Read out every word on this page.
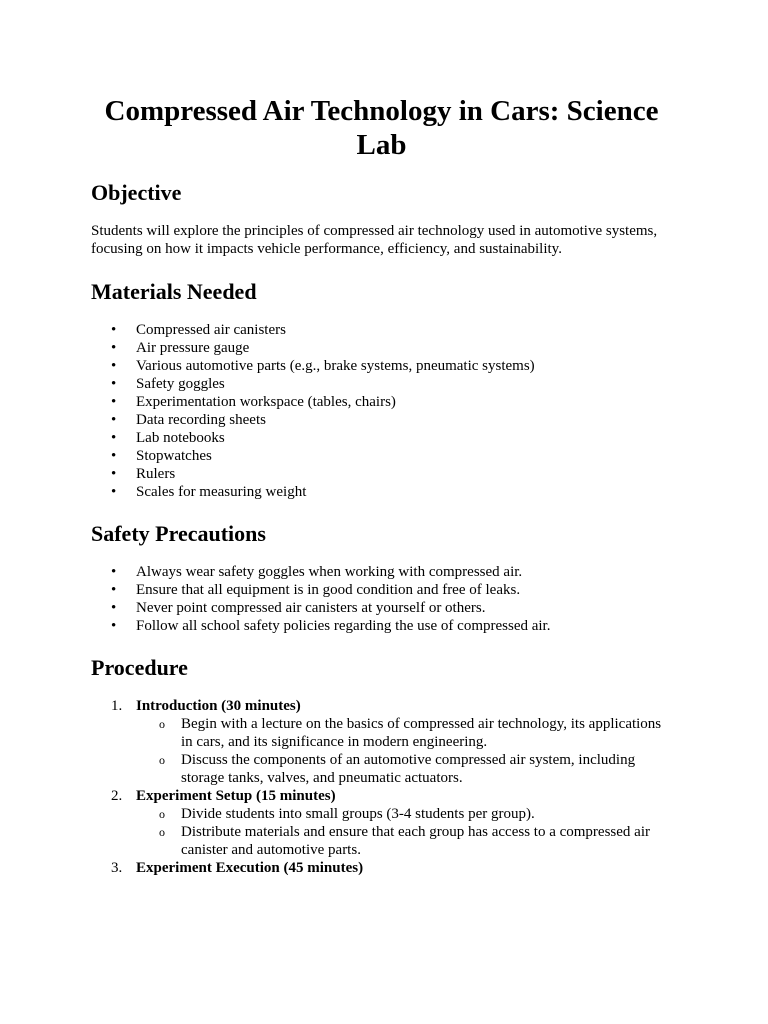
Compressed Air Technology in Cars: Science Lab
Objective

Students will explore the principles of compressed air technology used in automotive systems, focusing on how it impacts vehicle performance, efficiency, and sustainability.

Materials Needed
• Compressed air canisters
• Air pressure gauge
• Various automotive parts (e.g., brake systems, pneumatic systems)
• Safety goggles
• Experimentation workspace (tables, chairs)
• Data recording sheets
• Lab notebooks
• Stopwatches
• Rulers
• Scales for measuring weight
Safety Precautions
• Always wear safety goggles when working with compressed air.
• Ensure that all equipment is in good condition and free of leaks.
• Never point compressed air canisters at yourself or others.
• Follow all school safety policies regarding the use of compressed air.
Procedure
1. Introduction (30 minutes)
o Begin with a lecture on the basics of compressed air technology, its applications in cars, and its significance in modern engineering.
o Discuss the components of an automotive compressed air system, including storage tanks, valves, and pneumatic actuators.
2. Experiment Setup (15 minutes)
o Divide students into small groups (3-4 students per group).
o Distribute materials and ensure that each group has access to a compressed air canister and automotive parts.
3. Experiment Execution (45 minutes)
